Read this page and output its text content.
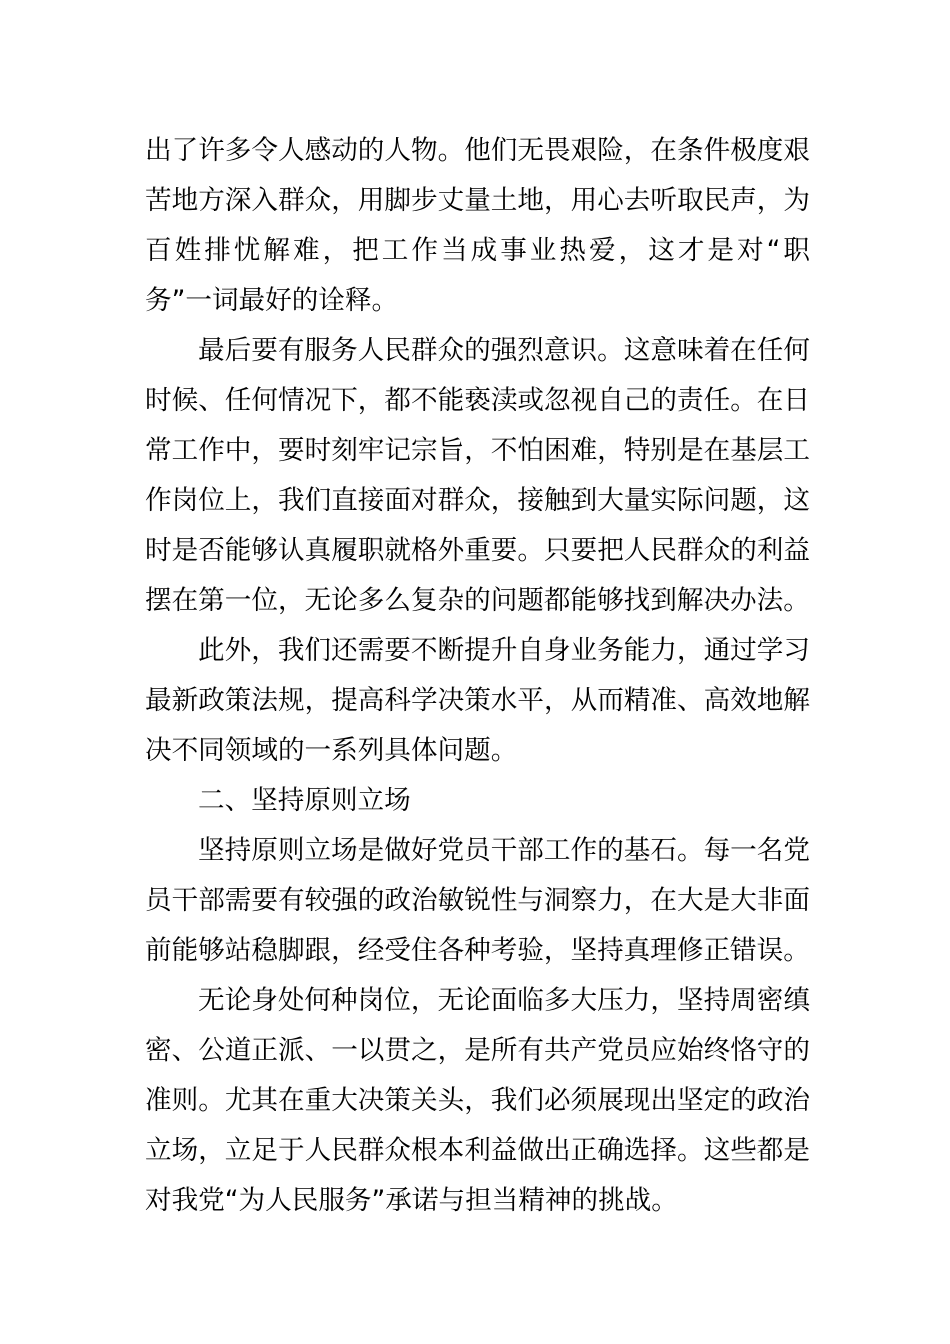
出了许多令人感动的人物。他们无畏艰险，在条件极度艰苦地方深入群众，用脚步丈量土地，用心去听取民声，为百姓排忧解难，把工作当成事业热爱，这才是对“职务”一词最好的诠释。

最后要有服务人民群众的强烈意识。这意味着在任何时候、任何情况下，都不能亵渎或忽视自己的责任。在日常工作中，要时刻牢记宗旨，不怕困难，特别是在基层工作岗位上，我们直接面对群众，接触到大量实际问题，这时是否能够认真履职就格外重要。只要把人民群众的利益摆在第一位，无论多么复杂的问题都能够找到解决办法。

此外，我们还需要不断提升自身业务能力，通过学习最新政策法规，提高科学决策水平，从而精准、高效地解决不同领域的一系列具体问题。

二、坚持原则立场

坚持原则立场是做好党员干部工作的基石。每一名党员干部需要有较强的政治敏锐性与洞察力，在大是大非面前能够站稳脚跟，经受住各种考验，坚持真理修正错误。

无论身处何种岗位，无论面临多大压力，坚持周密缜密、公道正派、一以贯之，是所有共产党员应始终恪守的准则。尤其在重大决策关头，我们必须展现出坚定的政治立场，立足于人民群众根本利益做出正确选择。这些都是对我党“为人民服务”承诺与担当精神的挑战。
